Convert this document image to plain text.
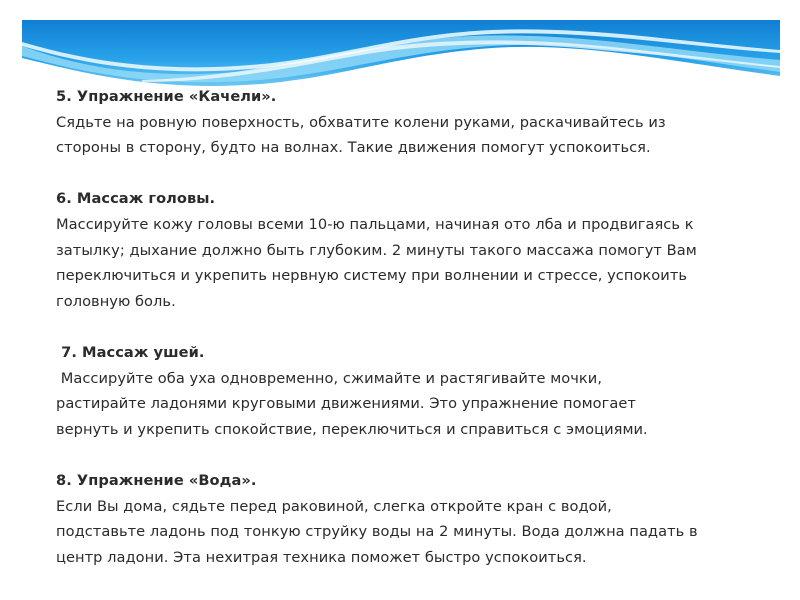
5. Упражнение «Качели».
Сядьте на ровную поверхность, обхватите колени руками, раскачивайтесь из
стороны в сторону, будто на волнах. Такие движения помогут успокоиться.
6. Массаж головы.
Массируйте кожу головы всеми 10-ю пальцами, начиная ото лба и продвигаясь к
затылку; дыхание должно быть глубоким. 2 минуты такого массажа помогут Вам
переключиться и укрепить нервную систему при волнении и стрессе, успокоить
головную боль.
7. Массаж ушей.
Массируйте оба уха одновременно, сжимайте и растягивайте мочки,
растирайте ладонями круговыми движениями. Это упражнение помогает
вернуть и укрепить спокойствие, переключиться и справиться с эмоциями.
8. Упражнение «Вода».
Если Вы дома, сядьте перед раковиной, слегка откройте кран с водой,
подставьте ладонь под тонкую струйку воды на 2 минуты. Вода должна падать в
центр ладони. Эта нехитрая техника поможет быстро успокоиться.
